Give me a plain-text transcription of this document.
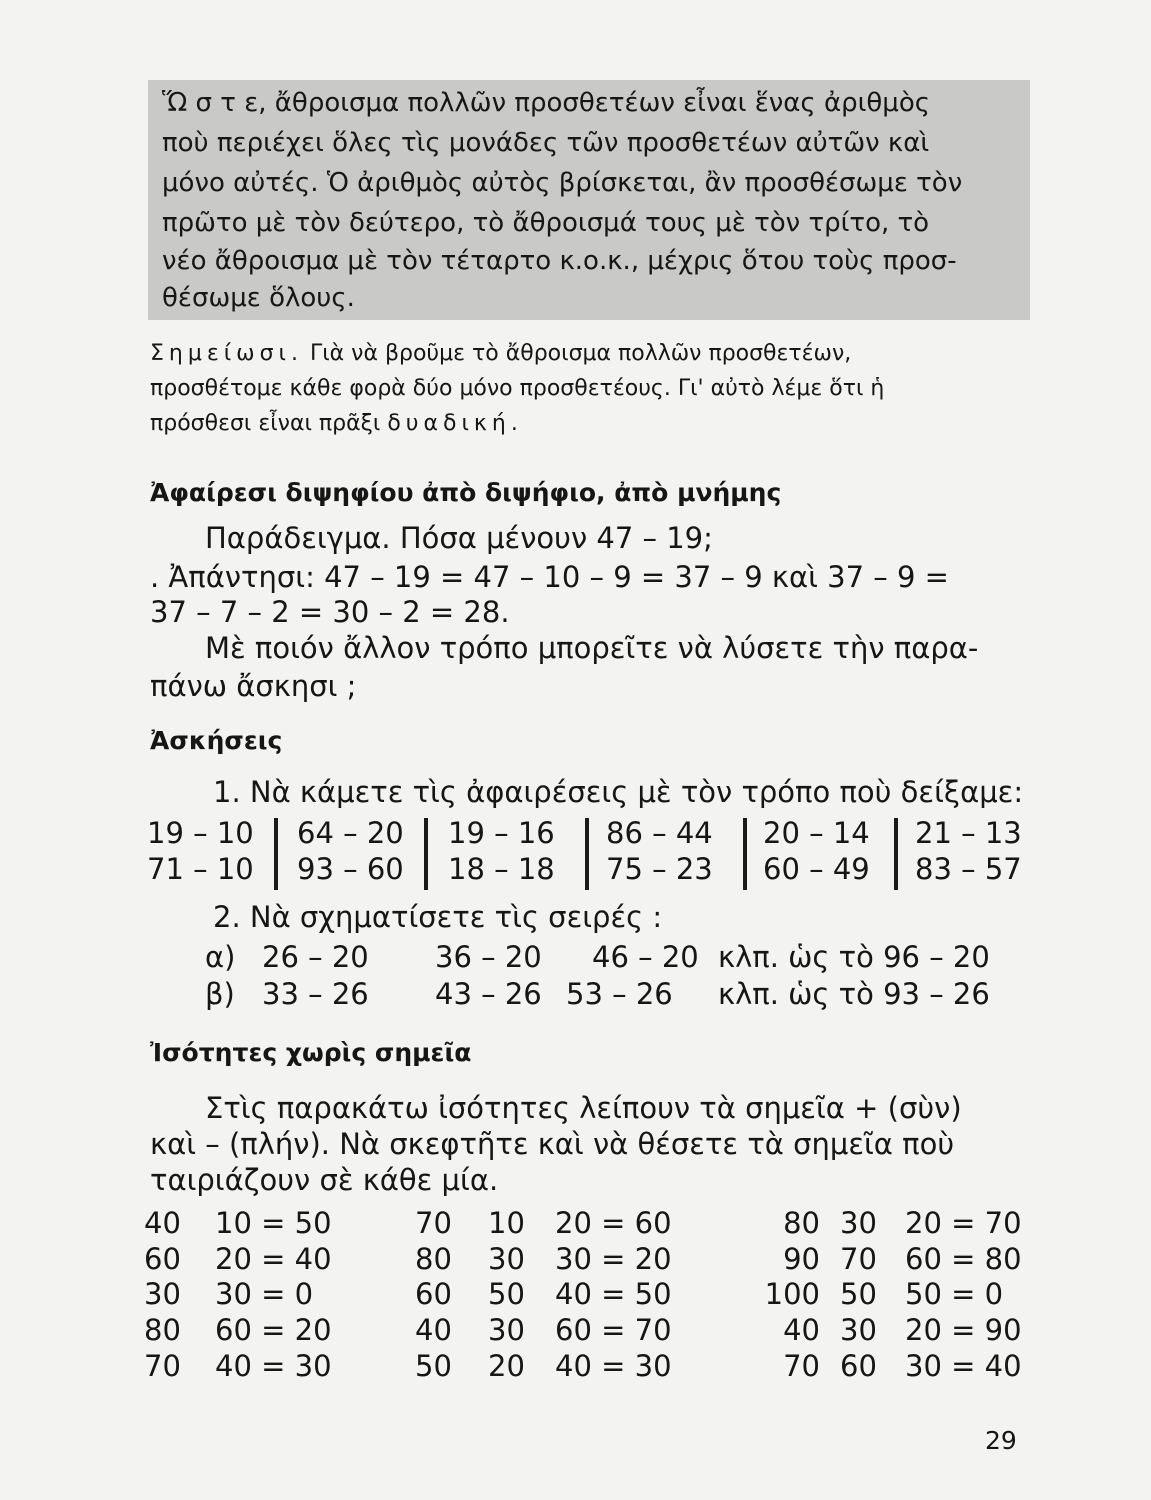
Ὥ σ τ ε, ἄθροισμα πολλῶν προσθετέων εἶναι ἕνας ἀριθμὸς
ποὺ περιέχει ὅλες τὶς μονάδες τῶν προσθετέων αὐτῶν καὶ
μόνο αὐτές. Ὁ ἀριθμὸς αὐτὸς βρίσκεται, ἂν προσθέσωμε τὸν
πρῶτο μὲ τὸν δεύτερο, τὸ ἄθροισμά τους μὲ τὸν τρίτο, τὸ
νέο ἄθροισμα μὲ τὸν τέταρτο κ.ο.κ., μέχρις ὅτου τοὺς προσ-
θέσωμε ὅλους.
Σημείωσι. Γιὰ νὰ βροῦμε τὸ ἄθροισμα πολλῶν προσθετέων,
προσθέτομε κάθε φορὰ δύο μόνο προσθετέους. Γι' αὐτὸ λέμε ὅτι ἡ
πρόσθεσι εἶναι πρᾶξι δυαδική.
Ἀφαίρεσι διψηφίου ἀπὸ διψήφιο, ἀπὸ μνήμης
Παράδειγμα. Πόσα μένουν 47 – 19;
. Ἀπάντησι: 47 – 19 = 47 – 10 – 9 = 37 – 9 καὶ 37 – 9 =
37 – 7 – 2 = 30 – 2 = 28.
Μὲ ποιόν ἄλλον τρόπο μπορεῖτε νὰ λύσετε τὴν παρα-
πάνω ἄσκησι ;
Ἀσκήσεις
1. Νὰ κάμετε τὶς ἀφαιρέσεις μὲ τὸν τρόπο ποὺ δείξαμε:
19 – 10
71 – 10
64 – 20
93 – 60
19 – 16
18 – 18
86 – 44
75 – 23
20 – 14
60 – 49
21 – 13
83 – 57
2. Νὰ σχηματίσετε τὶς σειρές :
α) 26 – 20 36 – 20 46 – 20 κλπ. ὡς τὸ 96 – 20
β) 33 – 26 43 – 26 53 – 26 κλπ. ὡς τὸ 93 – 26
Ἰσότητες χωρὶς σημεῖα
Στὶς παρακάτω ἰσότητες λείπουν τὰ σημεῖα + (σὺν)
καὶ – (πλήν). Νὰ σκεφτῆτε καὶ νὰ θέσετε τὰ σημεῖα ποὺ
ταιριάζουν σὲ κάθε μία.
40 10 = 50
60 20 = 40
30 30 = 0
80 60 = 20
70 40 = 30
70 10 20 = 60
80 30 30 = 20
60 50 40 = 50
40 30 60 = 70
50 20 40 = 30
80 30 20 = 70
90 70 60 = 80
100 50 50 = 0
40 30 20 = 90
70 60 30 = 40
29
